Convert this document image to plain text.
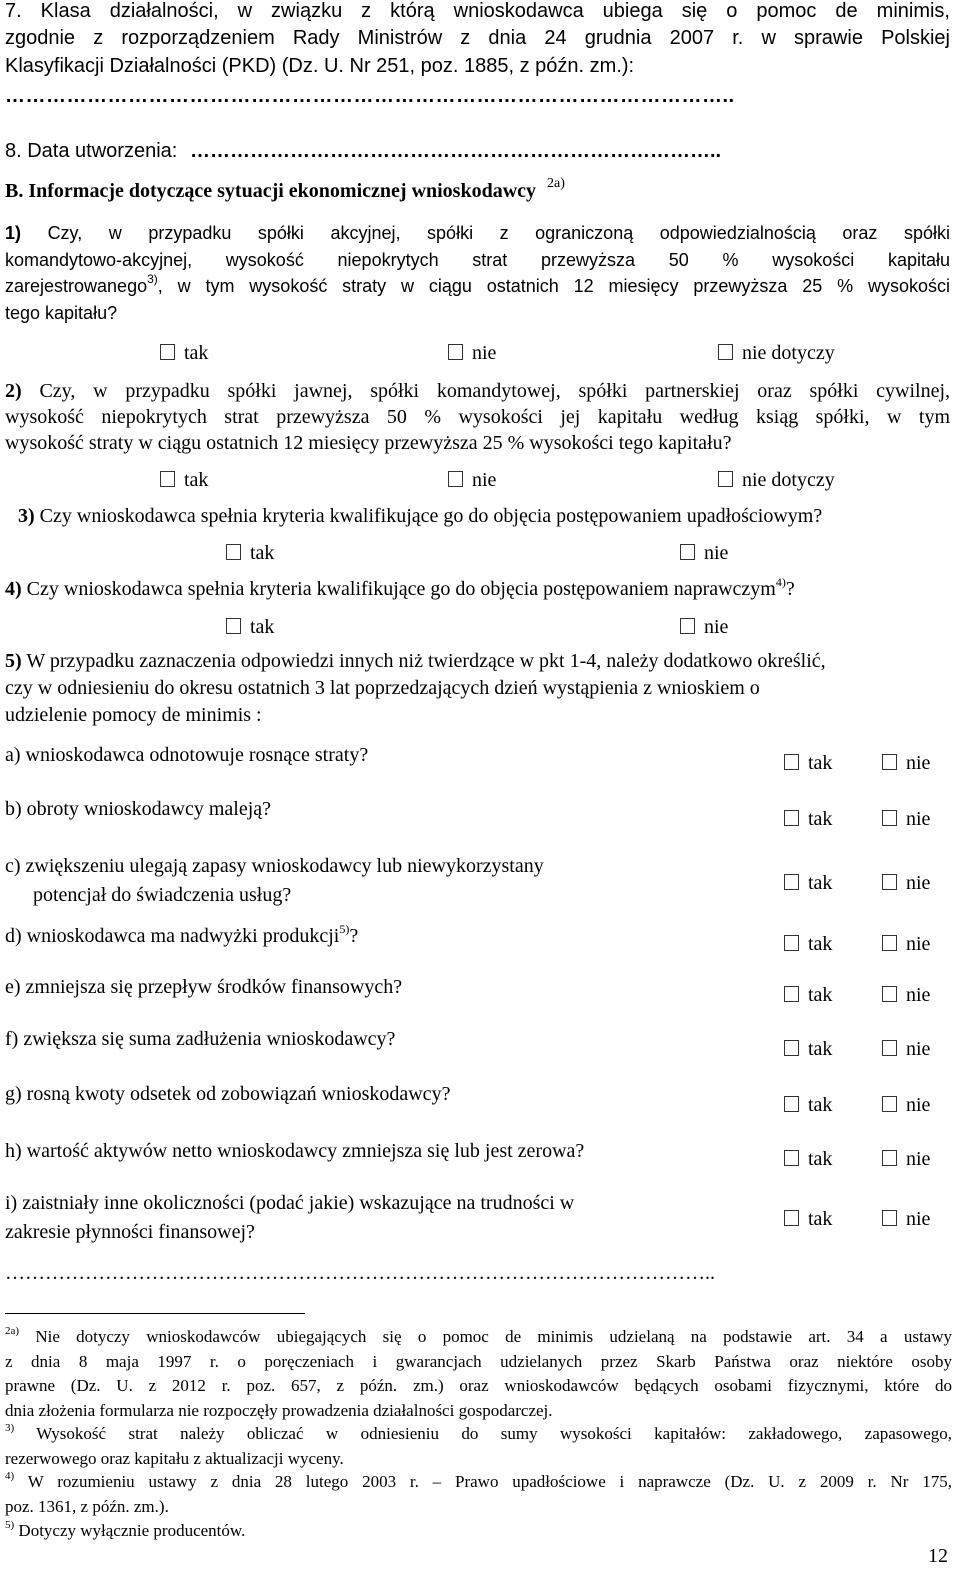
7. Klasa działalności, w związku z którą wnioskodawca ubiega się o pomoc de minimis,
zgodnie z rozporządzeniem Rady Ministrów z dnia 24 grudnia 2007 r. w sprawie Polskiej
Klasyfikacji Działalności (PKD) (Dz. U. Nr 251, poz. 1885, z późn. zm.):
……………………………………………………………………………………………..
8. Data utworzenia: ……………………………………………………………………..
B. Informacje dotyczące sytuacji ekonomicznej wnioskodawcy $^{2a)}$
1) Czy, w przypadku spółki akcyjnej, spółki z ograniczoną odpowiedzialnością oraz spółki
komandytowo-akcyjnej, wysokość niepokrytych strat przewyższa 50 % wysokości kapitału
zarejestrowanego$^{3)}$, w tym wysokość straty w ciągu ostatnich 12 miesięcy przewyższa 25 % wysokości
tego kapitału?
tak	nie	nie dotyczy
2) Czy, w przypadku spółki jawnej, spółki komandytowej, spółki partnerskiej oraz spółki cywilnej,
wysokość niepokrytych strat przewyższa 50 % wysokości jej kapitału według ksiąg spółki, w tym
wysokość straty w ciągu ostatnich 12 miesięcy przewyższa 25 % wysokości tego kapitału?
tak	nie	nie dotyczy
3) Czy wnioskodawca spełnia kryteria kwalifikujące go do objęcia postępowaniem upadłościowym?
tak	nie
4) Czy wnioskodawca spełnia kryteria kwalifikujące go do objęcia postępowaniem naprawczym$^{4)}$?
tak	nie
5) W przypadku zaznaczenia odpowiedzi innych niż twierdzące w pkt 1-4, należy dodatkowo określić,
czy w odniesieniu do okresu ostatnich 3 lat poprzedzających dzień wystąpienia z wnioskiem o
udzielenie pomocy de minimis :
a) wnioskodawca odnotowuje rosnące straty?	tak	nie
b) obroty wnioskodawcy maleją?	tak	nie
c) zwiększeniu ulegają zapasy wnioskodawcy lub niewykorzystany
potencjał do świadczenia usług?
tak	nie
d) wnioskodawca ma nadwyżki produkcji$^{5)}$?	tak	nie
e) zmniejsza się przepływ środków finansowych?	tak	nie
f) zwiększa się suma zadłużenia wnioskodawcy?	tak	nie
g) rosną kwoty odsetek od zobowiązań wnioskodawcy?	tak	nie
h) wartość aktywów netto wnioskodawcy zmniejsza się lub jest zerowa?	tak	nie
i) zaistniały inne okoliczności (podać jakie) wskazujące na trudności w
zakresie płynności finansowej?
tak	nie
……………………………………………………………………………………………..
$^{2a)}$ Nie dotyczy wnioskodawców ubiegających się o pomoc de minimis udzielaną na podstawie art. 34 a ustawy
z dnia 8 maja 1997 r. o poręczeniach i gwarancjach udzielanych przez Skarb Państwa oraz niektóre osoby
prawne (Dz. U. z 2012 r. poz. 657, z późn. zm.) oraz wnioskodawców będących osobami fizycznymi, które do
dnia złożenia formularza nie rozpoczęły prowadzenia działalności gospodarczej.
$^{3)}$ Wysokość strat należy obliczać w odniesieniu do sumy wysokości kapitałów: zakładowego, zapasowego,
rezerwowego oraz kapitału z aktualizacji wyceny.
$^{4)}$ W rozumieniu ustawy z dnia 28 lutego 2003 r. – Prawo upadłościowe i naprawcze (Dz. U. z 2009 r. Nr 175,
poz. 1361, z późn. zm.).
$^{5)}$ Dotyczy wyłącznie producentów.
12
